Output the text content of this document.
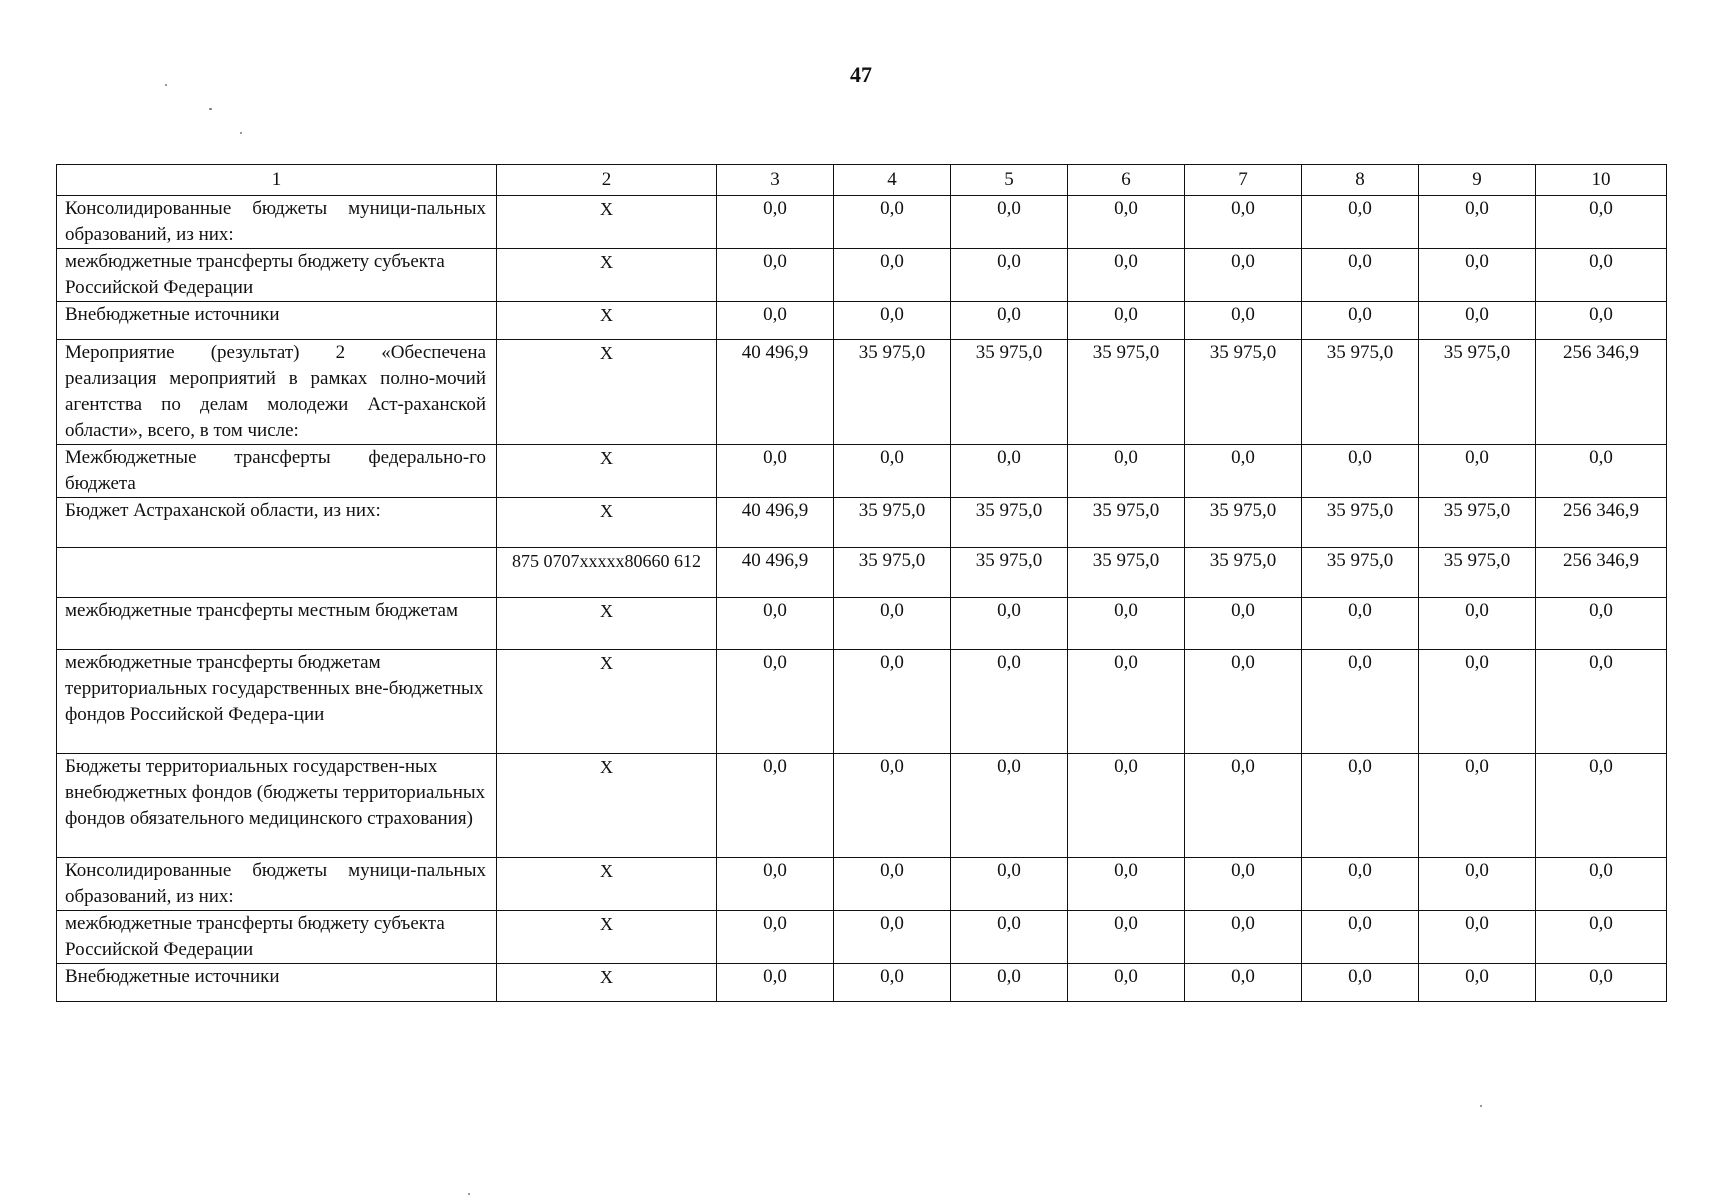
47
1	2	3	4	5	6	7	8	9	10
Консолидированные бюджеты муници-пальных образований, из них:	Х	0,0	0,0	0,0	0,0	0,0	0,0	0,0	0,0
межбюджетные трансферты бюджету субъекта Российской Федерации	Х	0,0	0,0	0,0	0,0	0,0	0,0	0,0	0,0
Внебюджетные источники	Х	0,0	0,0	0,0	0,0	0,0	0,0	0,0	0,0
Мероприятие (результат) 2 «Обеспечена реализация мероприятий в рамках полно-мочий агентства по делам молодежи Аст-раханской области», всего, в том числе:	Х	40 496,9	35 975,0	35 975,0	35 975,0	35 975,0	35 975,0	35 975,0	256 346,9
Межбюджетные трансферты федерально-го бюджета	Х	0,0	0,0	0,0	0,0	0,0	0,0	0,0	0,0
Бюджет Астраханской области, из них:	Х	40 496,9	35 975,0	35 975,0	35 975,0	35 975,0	35 975,0	35 975,0	256 346,9
	875 0707xxxxx80660 612	40 496,9	35 975,0	35 975,0	35 975,0	35 975,0	35 975,0	35 975,0	256 346,9
межбюджетные трансферты местным бюджетам	Х	0,0	0,0	0,0	0,0	0,0	0,0	0,0	0,0
межбюджетные трансферты бюджетам территориальных государственных вне-бюджетных фондов Российской Федера-ции	Х	0,0	0,0	0,0	0,0	0,0	0,0	0,0	0,0
Бюджеты территориальных государствен-ных внебюджетных фондов (бюджеты территориальных фондов обязательного медицинского страхования)	Х	0,0	0,0	0,0	0,0	0,0	0,0	0,0	0,0
Консолидированные бюджеты муници-пальных образований, из них:	Х	0,0	0,0	0,0	0,0	0,0	0,0	0,0	0,0
межбюджетные трансферты бюджету субъекта Российской Федерации	Х	0,0	0,0	0,0	0,0	0,0	0,0	0,0	0,0
Внебюджетные источники	Х	0,0	0,0	0,0	0,0	0,0	0,0	0,0	0,0
